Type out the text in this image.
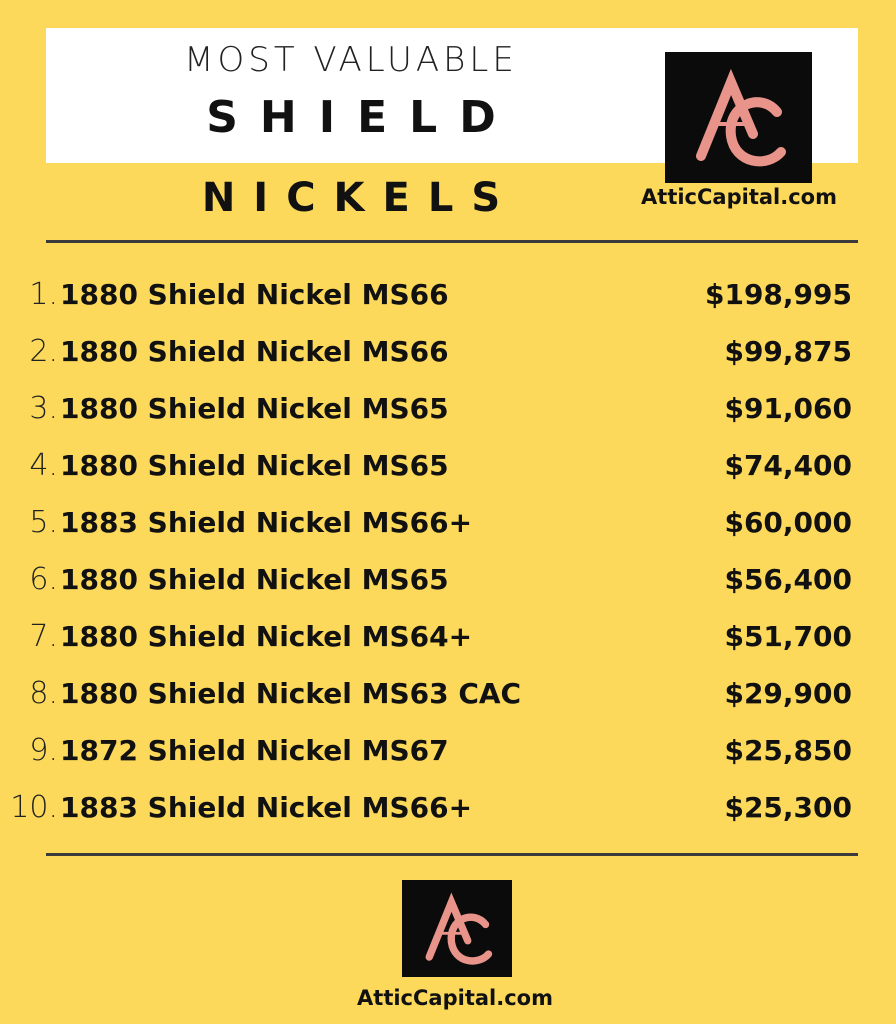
MOST VALUABLE
SHIELD
NICKELS	AtticCapital.com
1. 1880 Shield Nickel MS66	$198,995
2. 1880 Shield Nickel MS66	$99,875
3. 1880 Shield Nickel MS65	$91,060
4. 1880 Shield Nickel MS65	$74,400
5. 1883 Shield Nickel MS66+	$60,000
6. 1880 Shield Nickel MS65	$56,400
7. 1880 Shield Nickel MS64+	$51,700
8. 1880 Shield Nickel MS63 CAC	$29,900
9. 1872 Shield Nickel MS67	$25,850
10. 1883 Shield Nickel MS66+	$25,300
AtticCapital.com
